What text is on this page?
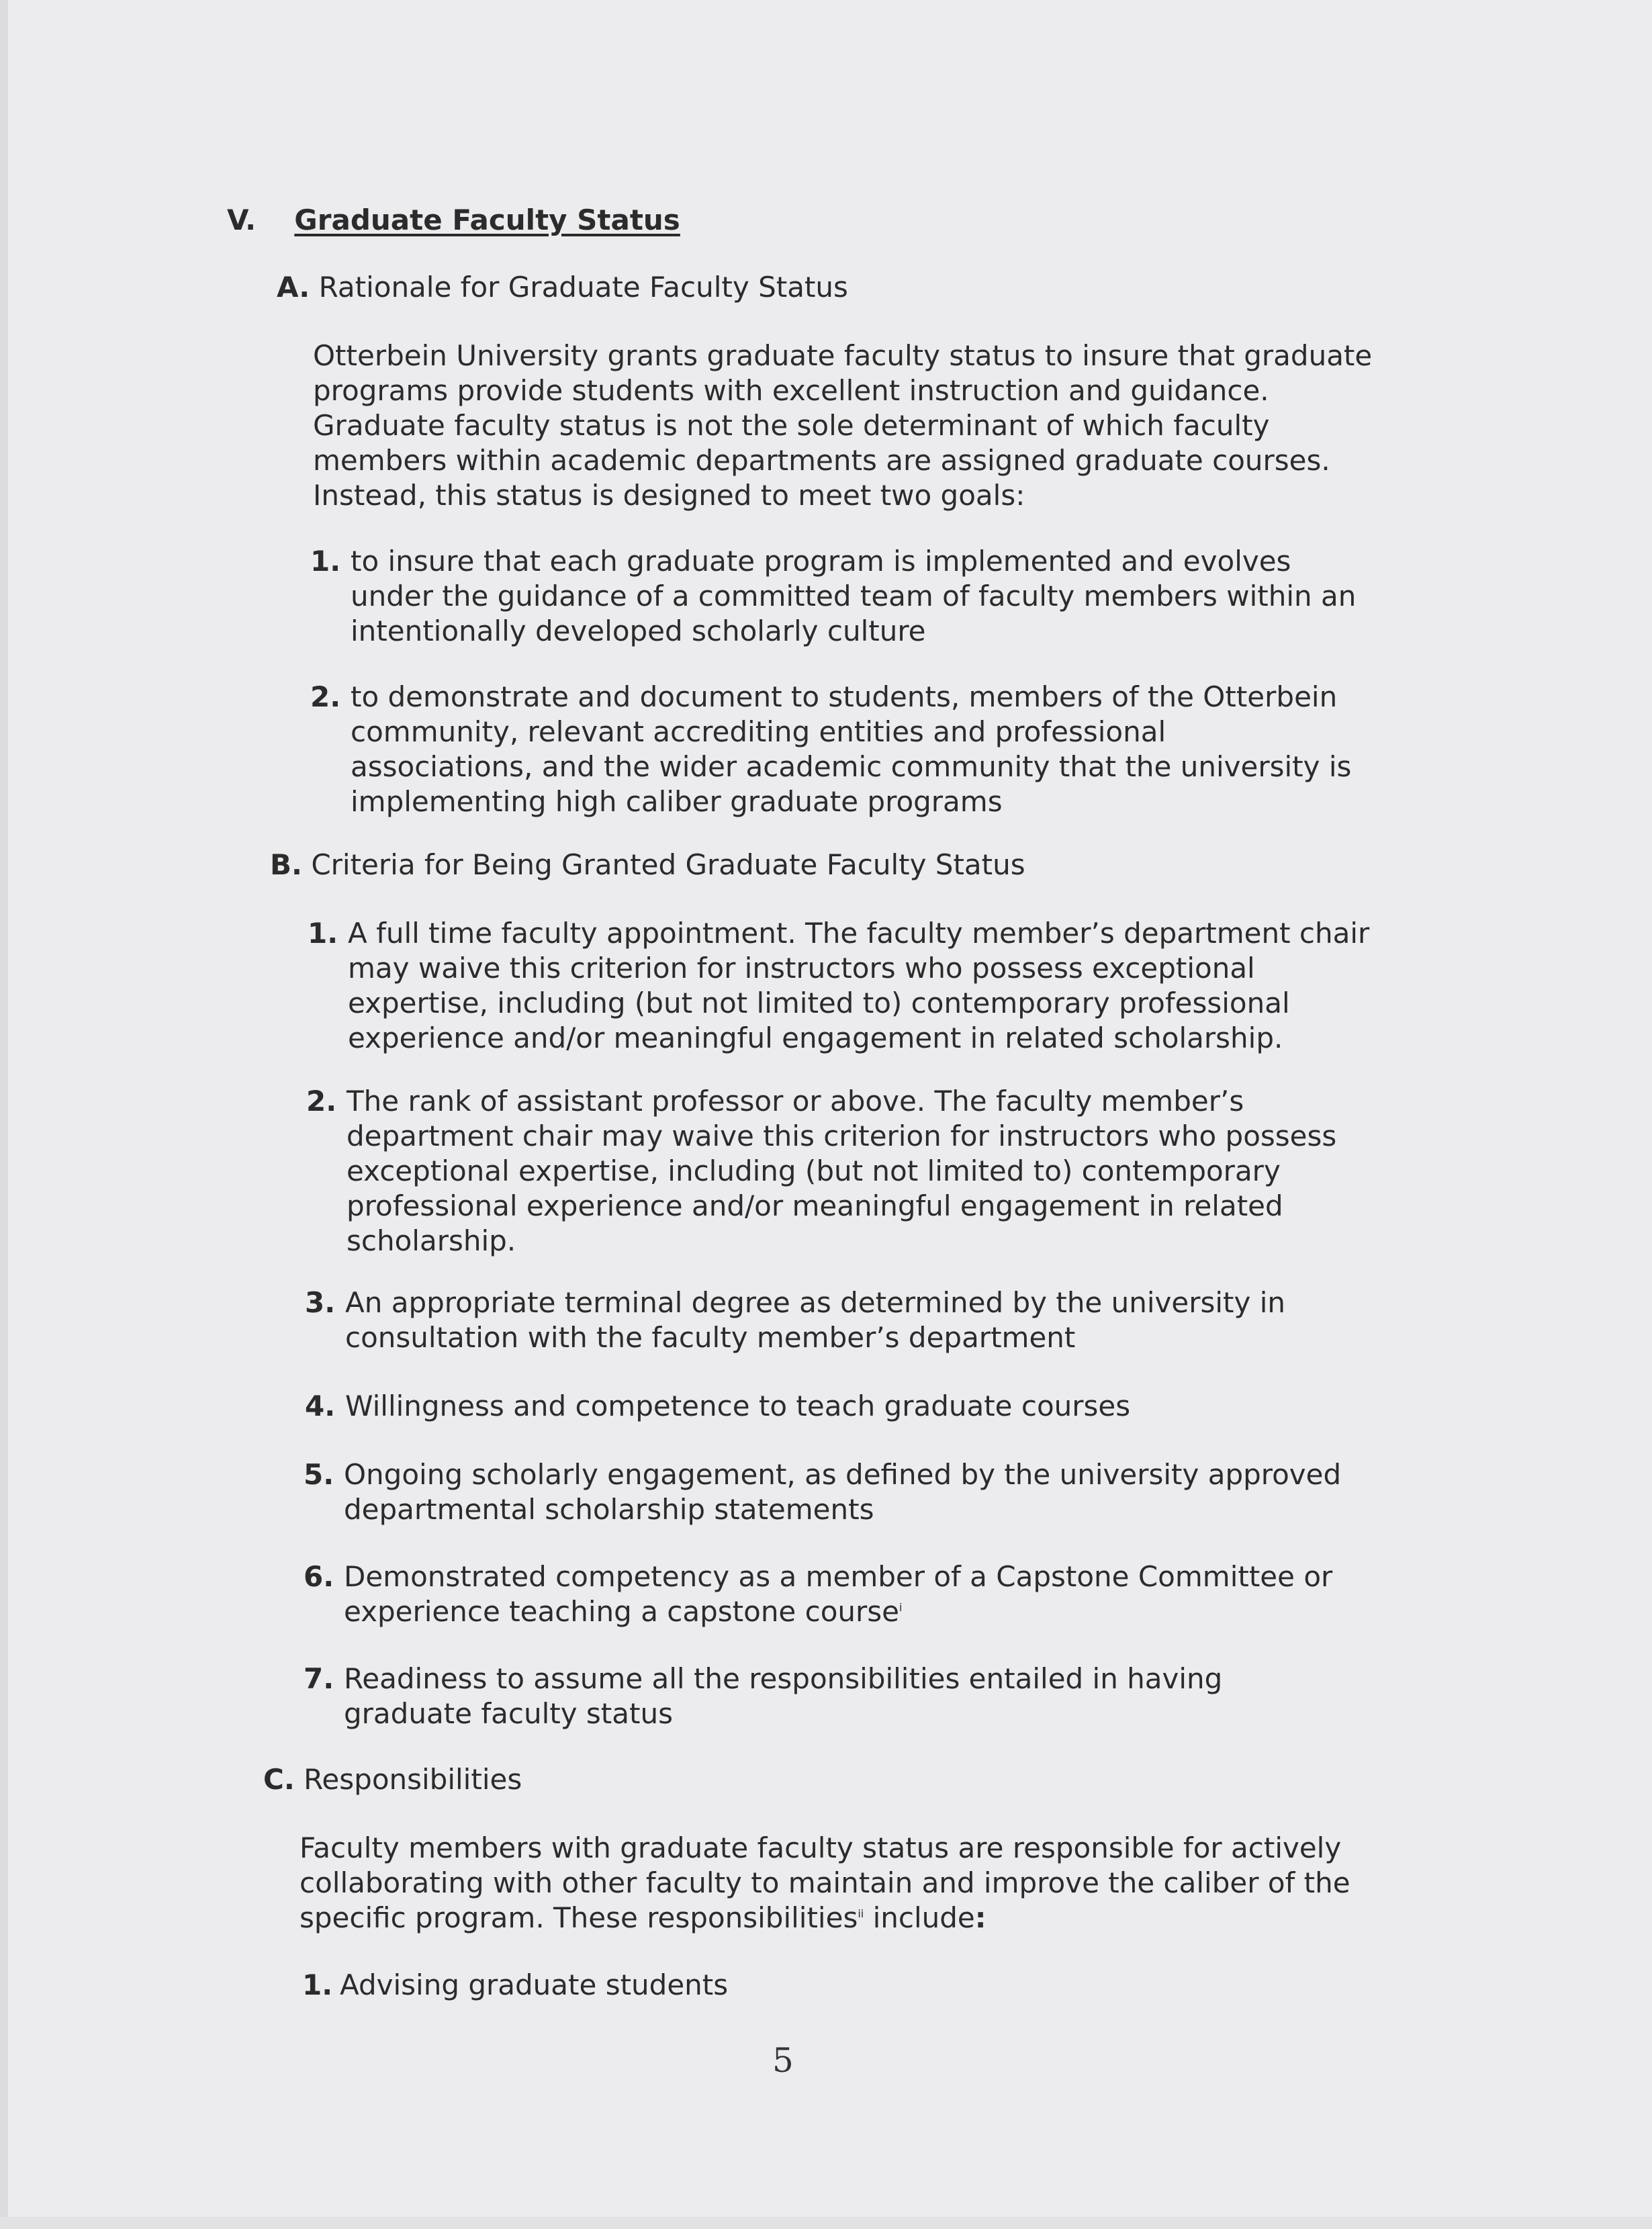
V. Graduate Faculty Status
A. Rationale for Graduate Faculty Status
Otterbein University grants graduate faculty status to insure that graduate
programs provide students with excellent instruction and guidance.
Graduate faculty status is not the sole determinant of which faculty
members within academic departments are assigned graduate courses.
Instead, this status is designed to meet two goals:
1. to insure that each graduate program is implemented and evolves
under the guidance of a committed team of faculty members within an
intentionally developed scholarly culture
2. to demonstrate and document to students, members of the Otterbein
community, relevant accrediting entities and professional
associations, and the wider academic community that the university is
implementing high caliber graduate programs
B. Criteria for Being Granted Graduate Faculty Status
1. A full time faculty appointment. The faculty member’s department chair
may waive this criterion for instructors who possess exceptional
expertise, including (but not limited to) contemporary professional
experience and/or meaningful engagement in related scholarship.
2. The rank of assistant professor or above. The faculty member’s
department chair may waive this criterion for instructors who possess
exceptional expertise, including (but not limited to) contemporary
professional experience and/or meaningful engagement in related
scholarship.
3. An appropriate terminal degree as determined by the university in
consultation with the faculty member’s department
4. Willingness and competence to teach graduate courses
5. Ongoing scholarly engagement, as defined by the university approved
departmental scholarship statements
6. Demonstrated competency as a member of a Capstone Committee or
experience teaching a capstone course$^i$
7. Readiness to assume all the responsibilities entailed in having
graduate faculty status
C. Responsibilities
Faculty members with graduate faculty status are responsible for actively
collaborating with other faculty to maintain and improve the caliber of the
specific program. These responsibilities$^{ii}$ include:
1. Advising graduate students
5
